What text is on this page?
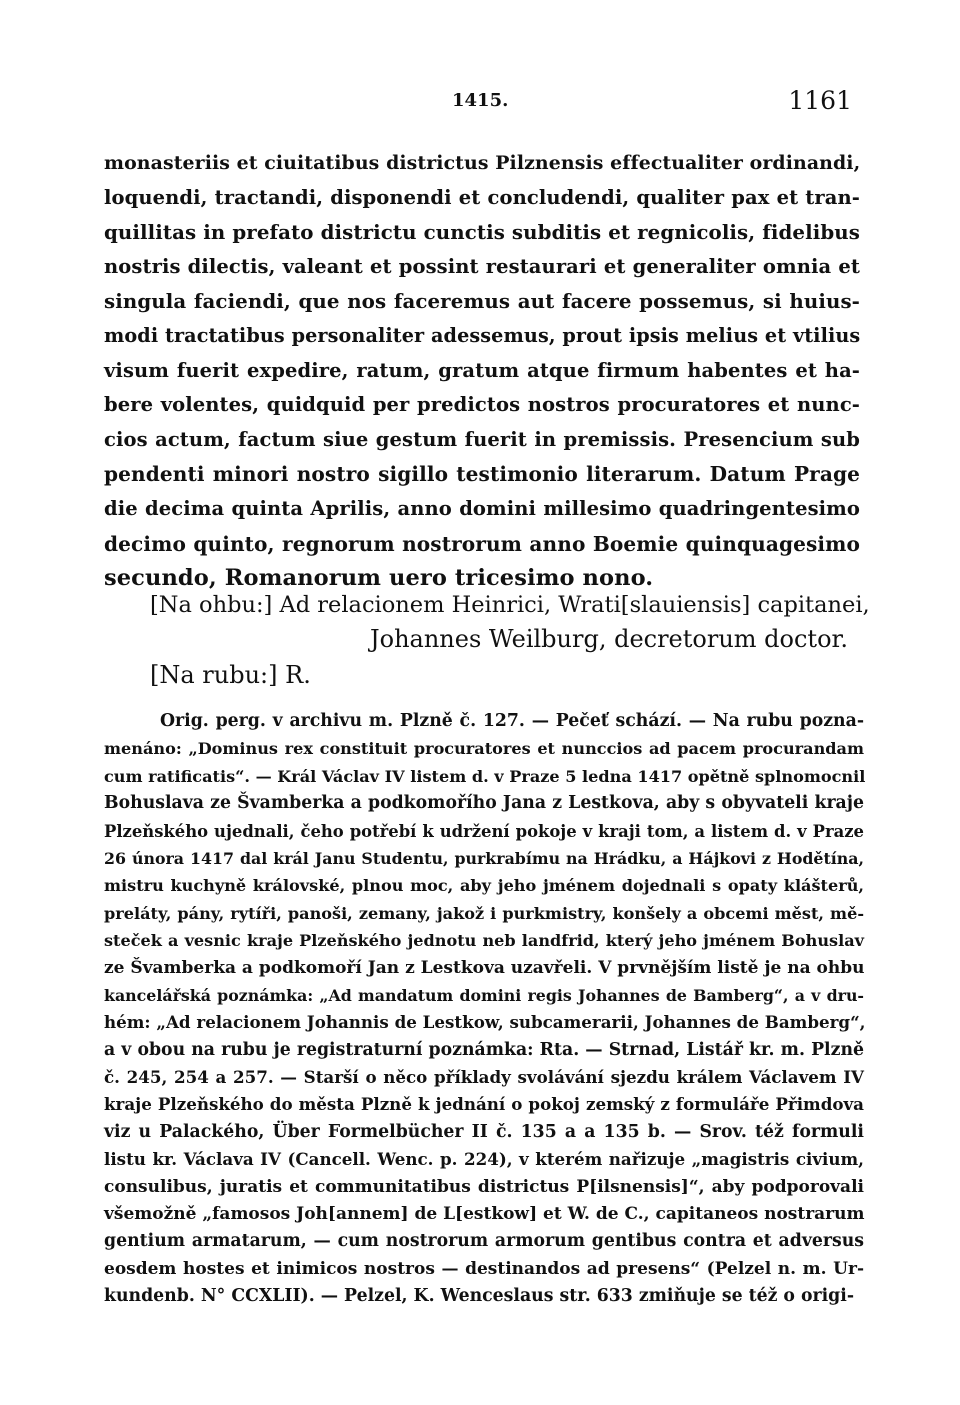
1415.	1161
monasteriis et ciuitatibus districtus Pilznensis effectualiter ordinandi,
loquendi, tractandi, disponendi et concludendi, qualiter pax et tran-
quillitas in prefato districtu cunctis subditis et regnicolis, fidelibus
nostris dilectis, valeant et possint restaurari et generaliter omnia et
singula faciendi, que nos faceremus aut facere possemus, si huius-
modi tractatibus personaliter adessemus, prout ipsis melius et vtilius
visum fuerit expedire, ratum, gratum atque firmum habentes et ha-
bere volentes, quidquid per predictos nostros procuratores et nunc-
cios actum, factum siue gestum fuerit in premissis. Presencium sub
pendenti minori nostro sigillo testimonio literarum. Datum Prage
die decima quinta Aprilis, anno domini millesimo quadringentesimo
decimo quinto, regnorum nostrorum anno Boemie quinquagesimo
secundo, Romanorum uero tricesimo nono.
[Na ohbu:] Ad relacionem Heinrici, Wrati[slauiensis] capitanei,
Johannes Weilburg, decretorum doctor.
[Na rubu:] R.
Orig. perg. v archivu m. Plzně č. 127. — Pečeť schází. — Na rubu pozna-
menáno: „Dominus rex constituit procuratores et nunccios ad pacem procurandam
cum ratificatis“. — Král Václav IV listem d. v Praze 5 ledna 1417 opětně splnomocnil
Bohuslava ze Švamberka a podkomořího Jana z Lestkova, aby s obyvateli kraje
Plzeňského ujednali, čeho potřebí k udržení pokoje v kraji tom, a listem d. v Praze
26 února 1417 dal král Janu Studentu, purkrabímu na Hrádku, a Hájkovi z Hodětína,
mistru kuchyně královské, plnou moc, aby jeho jménem dojednali s opaty klášterů,
preláty, pány, rytíři, panoši, zemany, jakož i purkmistry, konšely a obcemi měst, mě-
steček a vesnic kraje Plzeňského jednotu neb landfrid, který jeho jménem Bohuslav
ze Švamberka a podkomoří Jan z Lestkova uzavřeli. V prvnějším listě je na ohbu
kancelářská poznámka: „Ad mandatum domini regis Johannes de Bamberg“, a v dru-
hém: „Ad relacionem Johannis de Lestkow, subcamerarii, Johannes de Bamberg“,
a v obou na rubu je registraturní poznámka: Rta. — Strnad, Listář kr. m. Plzně
č. 245, 254 a 257. — Starší o něco příklady svolávání sjezdu králem Václavem IV
kraje Plzeňského do města Plzně k jednání o pokoj zemský z formuláře Přimdova
viz u Palackého, Über Formelbücher II č. 135 a a 135 b. — Srov. též formuli
listu kr. Václava IV (Cancell. Wenc. p. 224), v kterém nařizuje „magistris civium,
consulibus, juratis et communitatibus districtus P[ilsnensis]“, aby podporovali
všemožně „famosos Joh[annem] de L[estkow] et W. de C., capitaneos nostrarum
gentium armatarum, — cum nostrorum armorum gentibus contra et adversus
eosdem hostes et inimicos nostros — destinandos ad presens“ (Pelzel n. m. Ur-
kundenb. N° CCXLII). — Pelzel, K. Wenceslaus str. 633 zmiňuje se též o origi-
